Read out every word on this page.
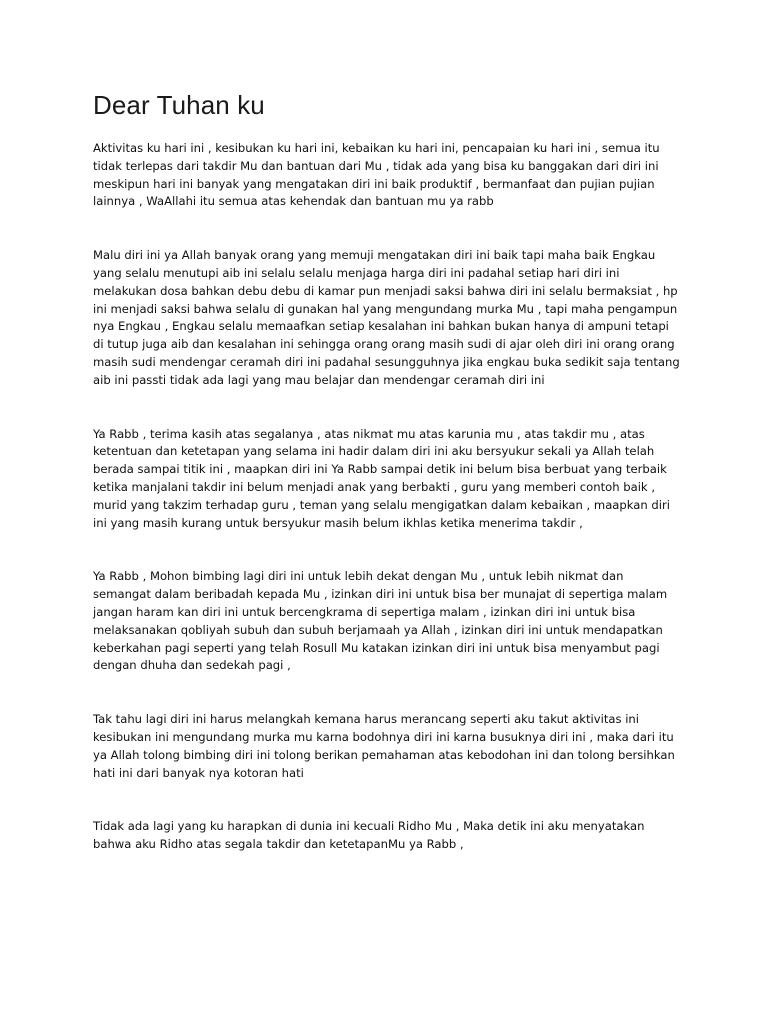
Dear Tuhan ku

Aktivitas ku hari ini , kesibukan ku hari ini, kebaikan ku hari ini, pencapaian ku hari ini , semua itu tidak terlepas dari takdir Mu dan bantuan dari Mu , tidak ada yang bisa ku banggakan dari diri ini meskipun hari ini banyak yang mengatakan diri ini baik produktif , bermanfaat dan pujian pujian lainnya , WaAllahi itu semua atas kehendak dan bantuan mu ya rabb

Malu diri ini ya Allah banyak orang yang memuji mengatakan diri ini baik tapi maha baik Engkau yang selalu menutupi aib ini selalu selalu menjaga harga diri ini padahal setiap hari diri ini melakukan dosa bahkan debu debu di kamar pun menjadi saksi bahwa diri ini selalu bermaksiat , hp ini menjadi saksi bahwa selalu di gunakan hal yang mengundang murka Mu , tapi maha pengampun nya Engkau , Engkau selalu memaafkan setiap kesalahan ini bahkan bukan hanya di ampuni tetapi di tutup juga aib dan kesalahan ini sehingga orang orang masih sudi di ajar oleh diri ini orang orang masih sudi mendengar ceramah diri ini padahal sesungguhnya jika engkau buka sedikit saja tentang aib ini passti tidak ada lagi yang mau belajar dan mendengar ceramah diri ini

Ya Rabb , terima kasih atas segalanya , atas nikmat mu atas karunia mu , atas takdir mu , atas ketentuan dan ketetapan yang selama ini hadir dalam diri ini aku bersyukur sekali ya Allah telah berada sampai titik ini , maapkan diri ini Ya Rabb sampai detik ini belum bisa berbuat yang terbaik ketika manjalani takdir ini belum menjadi anak yang berbakti , guru yang memberi contoh baik , murid yang takzim terhadap guru , teman yang selalu mengigatkan dalam kebaikan , maapkan diri ini yang masih kurang untuk bersyukur masih belum ikhlas ketika menerima takdir ,

Ya Rabb , Mohon bimbing lagi diri ini untuk lebih dekat dengan Mu , untuk lebih nikmat dan semangat dalam beribadah kepada Mu , izinkan diri ini untuk bisa ber munajat di sepertiga malam jangan haram kan diri ini untuk bercengkrama di sepertiga malam , izinkan diri ini untuk bisa melaksanakan qobliyah subuh dan subuh berjamaah ya Allah , izinkan diri ini untuk mendapatkan keberkahan pagi seperti yang telah Rosull Mu katakan izinkan diri ini untuk bisa menyambut pagi dengan dhuha dan sedekah pagi ,

Tak tahu lagi diri ini harus melangkah kemana harus merancang seperti aku takut aktivitas ini kesibukan ini mengundang murka mu karna bodohnya diri ini karna busuknya diri ini , maka dari itu ya Allah tolong bimbing diri ini tolong berikan pemahaman atas kebodohan ini dan tolong bersihkan hati ini dari banyak nya kotoran hati

Tidak ada lagi yang ku harapkan di dunia ini kecuali Ridho Mu , Maka detik ini aku menyatakan bahwa aku Ridho atas segala takdir dan ketetapanMu ya Rabb ,
